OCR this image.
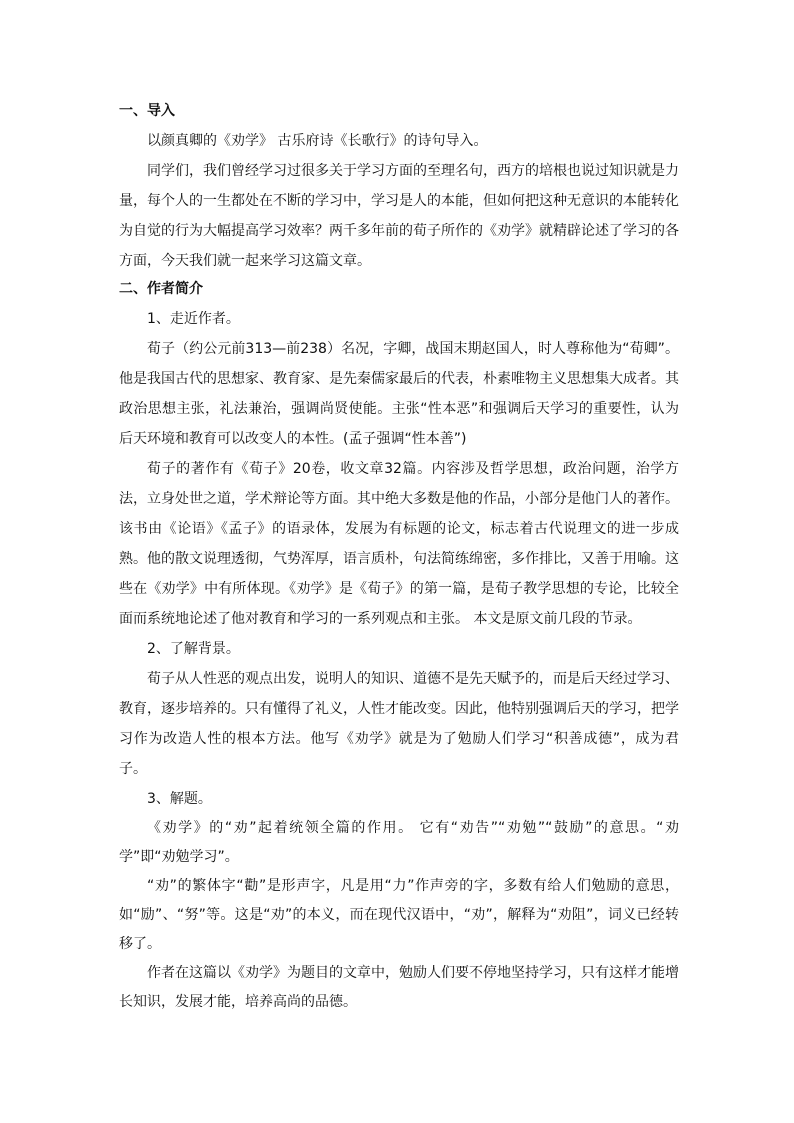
一、导入

以颜真卿的《劝学》 古乐府诗《长歌行》的诗句导入。

同学们，我们曾经学习过很多关于学习方面的至理名句，西方的培根也说过知识就是力量，每个人的一生都处在不断的学习中，学习是人的本能，但如何把这种无意识的本能转化为自觉的行为大幅提高学习效率？两千多年前的荀子所作的《劝学》就精辟论述了学习的各方面，今天我们就一起来学习这篇文章。

二、作者简介
1、走近作者。

荀子（约公元前313—前238）名况，字卿，战国末期赵国人，时人尊称他为“荀卿”。他是我国古代的思想家、教育家、是先秦儒家最后的代表，朴素唯物主义思想集大成者。其政治思想主张，礼法兼治，强调尚贤使能。主张“性本恶”和强调后天学习的重要性，认为后天环境和教育可以改变人的本性。(孟子强调“性本善”)

荀子的著作有《荀子》20卷，收文章32篇。内容涉及哲学思想，政治问题，治学方法，立身处世之道，学术辩论等方面。其中绝大多数是他的作品，小部分是他门人的著作。该书由《论语》《孟子》的语录体，发展为有标题的论文，标志着古代说理文的进一步成熟。他的散文说理透彻，气势浑厚，语言质朴，句法简练绵密，多作排比，又善于用喻。这些在《劝学》中有所体现。《劝学》是《荀子》的第一篇，是荀子教学思想的专论，比较全面而系统地论述了他对教育和学习的一系列观点和主张。 本文是原文前几段的节录。

2、了解背景。

荀子从人性恶的观点出发，说明人的知识、道德不是先天赋予的，而是后天经过学习、教育，逐步培养的。只有懂得了礼义，人性才能改变。因此，他特别强调后天的学习，把学习作为改造人性的根本方法。他写《劝学》就是为了勉励人们学习“积善成德”，成为君子。

3、解题。

《劝学》的“劝”起着统领全篇的作用。 它有“劝告”“劝勉”“鼓励”的意思。“劝学”即“劝勉学习”。

“劝”的繁体字“勸”是形声字，凡是用“力”作声旁的字，多数有给人们勉励的意思，如“励”、“努”等。这是“劝”的本义，而在现代汉语中，“劝”，解释为“劝阻”，词义已经转移了。

作者在这篇以《劝学》为题目的文章中，勉励人们要不停地坚持学习，只有这样才能增长知识，发展才能，培养高尚的品德。
